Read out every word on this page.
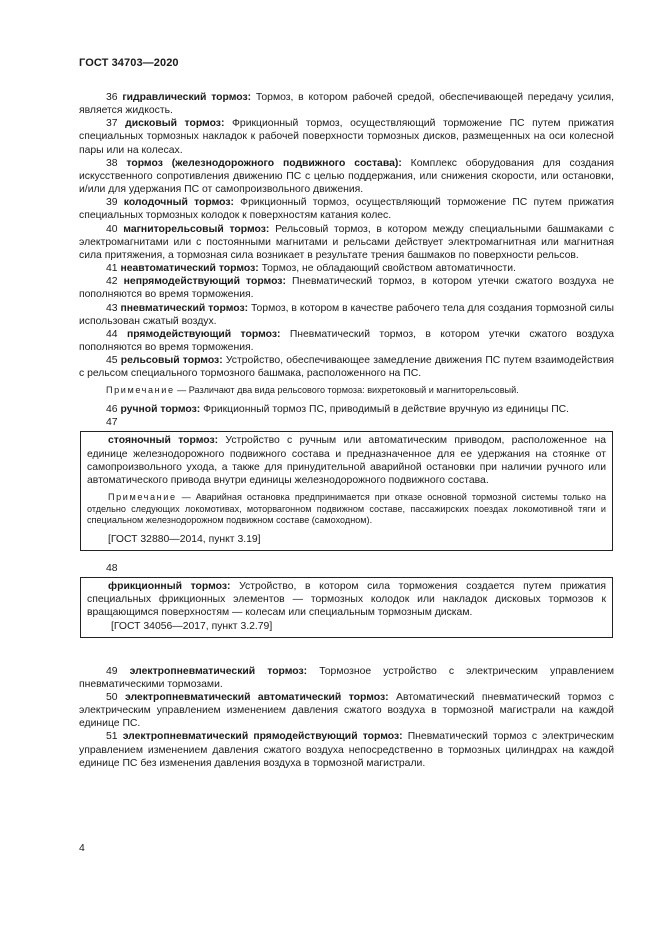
ГОСТ 34703—2020

36 гидравлический тормоз: Тормоз, в котором рабочей средой, обеспечивающей передачу усилия, является жидкость.

37 дисковый тормоз: Фрикционный тормоз, осуществляющий торможение ПС путем прижатия специальных тормозных накладок к рабочей поверхности тормозных дисков, размещенных на оси колесной пары или на колесах.

38 тормоз (железнодорожного подвижного состава): Комплекс оборудования для создания искусственного сопротивления движению ПС с целью поддержания, или снижения скорости, или остановки, и/или для удержания ПС от самопроизвольного движения.

39 колодочный тормоз: Фрикционный тормоз, осуществляющий торможение ПС путем прижатия специальных тормозных колодок к поверхностям катания колес.

40 магниторельсовый тормоз: Рельсовый тормоз, в котором между специальными башмаками с электромагнитами или с постоянными магнитами и рельсами действует электромагнитная или магнитная сила притяжения, а тормозная сила возникает в результате трения башмаков по поверхности рельсов.

41 неавтоматический тормоз: Тормоз, не обладающий свойством автоматичности.

42 непрямодействующий тормоз: Пневматический тормоз, в котором утечки сжатого воздуха не пополняются во время торможения.

43 пневматический тормоз: Тормоз, в котором в качестве рабочего тела для создания тормозной силы использован сжатый воздух.

44 прямодействующий тормоз: Пневматический тормоз, в котором утечки сжатого воздуха пополняются во время торможения.

45 рельсовый тормоз: Устройство, обеспечивающее замедление движения ПС путем взаимодействия с рельсом специального тормозного башмака, расположенного на ПС.

Примечание — Различают два вида рельсового тормоза: вихретоковый и магниторельсовый.

46 ручной тормоз: Фрикционный тормоз ПС, приводимый в действие вручную из единицы ПС.

47

стояночный тормоз: Устройство с ручным или автоматическим приводом, расположенное на единице железнодорожного подвижного состава и предназначенное для ее удержания на стоянке от самопроизвольного ухода, а также для принудительной аварийной остановки при наличии ручного или автоматического привода внутри единицы железнодорожного подвижного состава.

Примечание — Аварийная остановка предпринимается при отказе основной тормозной системы только на отдельно следующих локомотивах, моторвагонном подвижном составе, пассажирских поездах локомотивной тяги и специальном железнодорожном подвижном составе (самоходном).

[ГОСТ 32880—2014, пункт 3.19]

48

фрикционный тормоз: Устройство, в котором сила торможения создается путем прижатия специальных фрикционных элементов — тормозных колодок или накладок дисковых тормозов к вращающимся поверхностям — колесам или специальным тормозным дискам.

[ГОСТ 34056—2017, пункт 3.2.79]

49 электропневматический тормоз: Тормозное устройство с электрическим управлением пневматическими тормозами.

50 электропневматический автоматический тормоз: Автоматический пневматический тормоз с электрическим управлением изменением давления сжатого воздуха в тормозной магистрали на каждой единице ПС.

51 электропневматический прямодействующий тормоз: Пневматический тормоз с электрическим управлением изменением давления сжатого воздуха непосредственно в тормозных цилиндрах на каждой единице ПС без изменения давления воздуха в тормозной магистрали.

4
